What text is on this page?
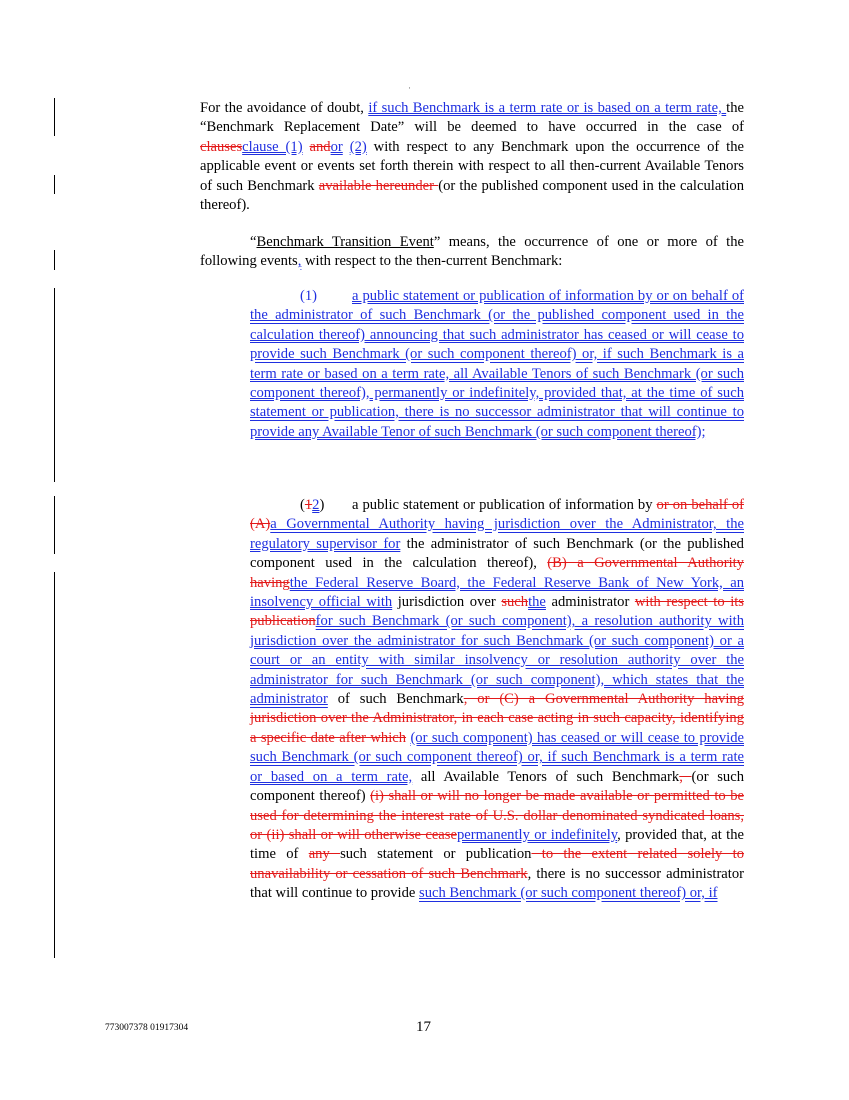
·
For the avoidance of doubt, if such Benchmark is a term rate or is based on a term rate, the “Benchmark Replacement Date” will be deemed to have occurred in the case of clausesclause (1) andor (2) with respect to any Benchmark upon the occurrence of the applicable event or events set forth therein with respect to all then-current Available Tenors of such Benchmark available hereunder (or the published component used in the calculation thereof).
“Benchmark Transition Event” means, the occurrence of one or more of the following events, with respect to the then-current Benchmark:
(1) a public statement or publication of information by or on behalf of the administrator of such Benchmark (or the published component used in the calculation thereof) announcing that such administrator has ceased or will cease to provide such Benchmark (or such component thereof) or, if such Benchmark is a term rate or based on a term rate, all Available Tenors of such Benchmark (or such component thereof), permanently or indefinitely, provided that, at the time of such statement or publication, there is no successor administrator that will continue to provide any Available Tenor of such Benchmark (or such component thereof);
(12) a public statement or publication of information by or on behalf of (A)a Governmental Authority having jurisdiction over the Administrator, the regulatory supervisor for the administrator of such Benchmark (or the published component used in the calculation thereof), (B) a Governmental Authority havingthe Federal Reserve Board, the Federal Reserve Bank of New York, an insolvency official with jurisdiction over suchthe administrator with respect to its publicationfor such Benchmark (or such component), a resolution authority with jurisdiction over the administrator for such Benchmark (or such component) or a court or an entity with similar insolvency or resolution authority over the administrator for such Benchmark (or such component), which states that the administrator of such Benchmark, or (C) a Governmental Authority having jurisdiction over the Administrator, in each case acting in such capacity, identifying a specific date after which (or such component) has ceased or will cease to provide such Benchmark (or such component thereof) or, if such Benchmark is a term rate or based on a term rate, all Available Tenors of such Benchmark, (or such component thereof) (i) shall or will no longer be made available or permitted to be used for determining the interest rate of U.S. dollar denominated syndicated loans, or (ii) shall or will otherwise ceasepermanently or indefinitely, provided that, at the time of any such statement or publication to the extent related solely to unavailability or cessation of such Benchmark, there is no successor administrator that will continue to provide such Benchmark (or such component thereof) or, if
773007378 01917304	17
